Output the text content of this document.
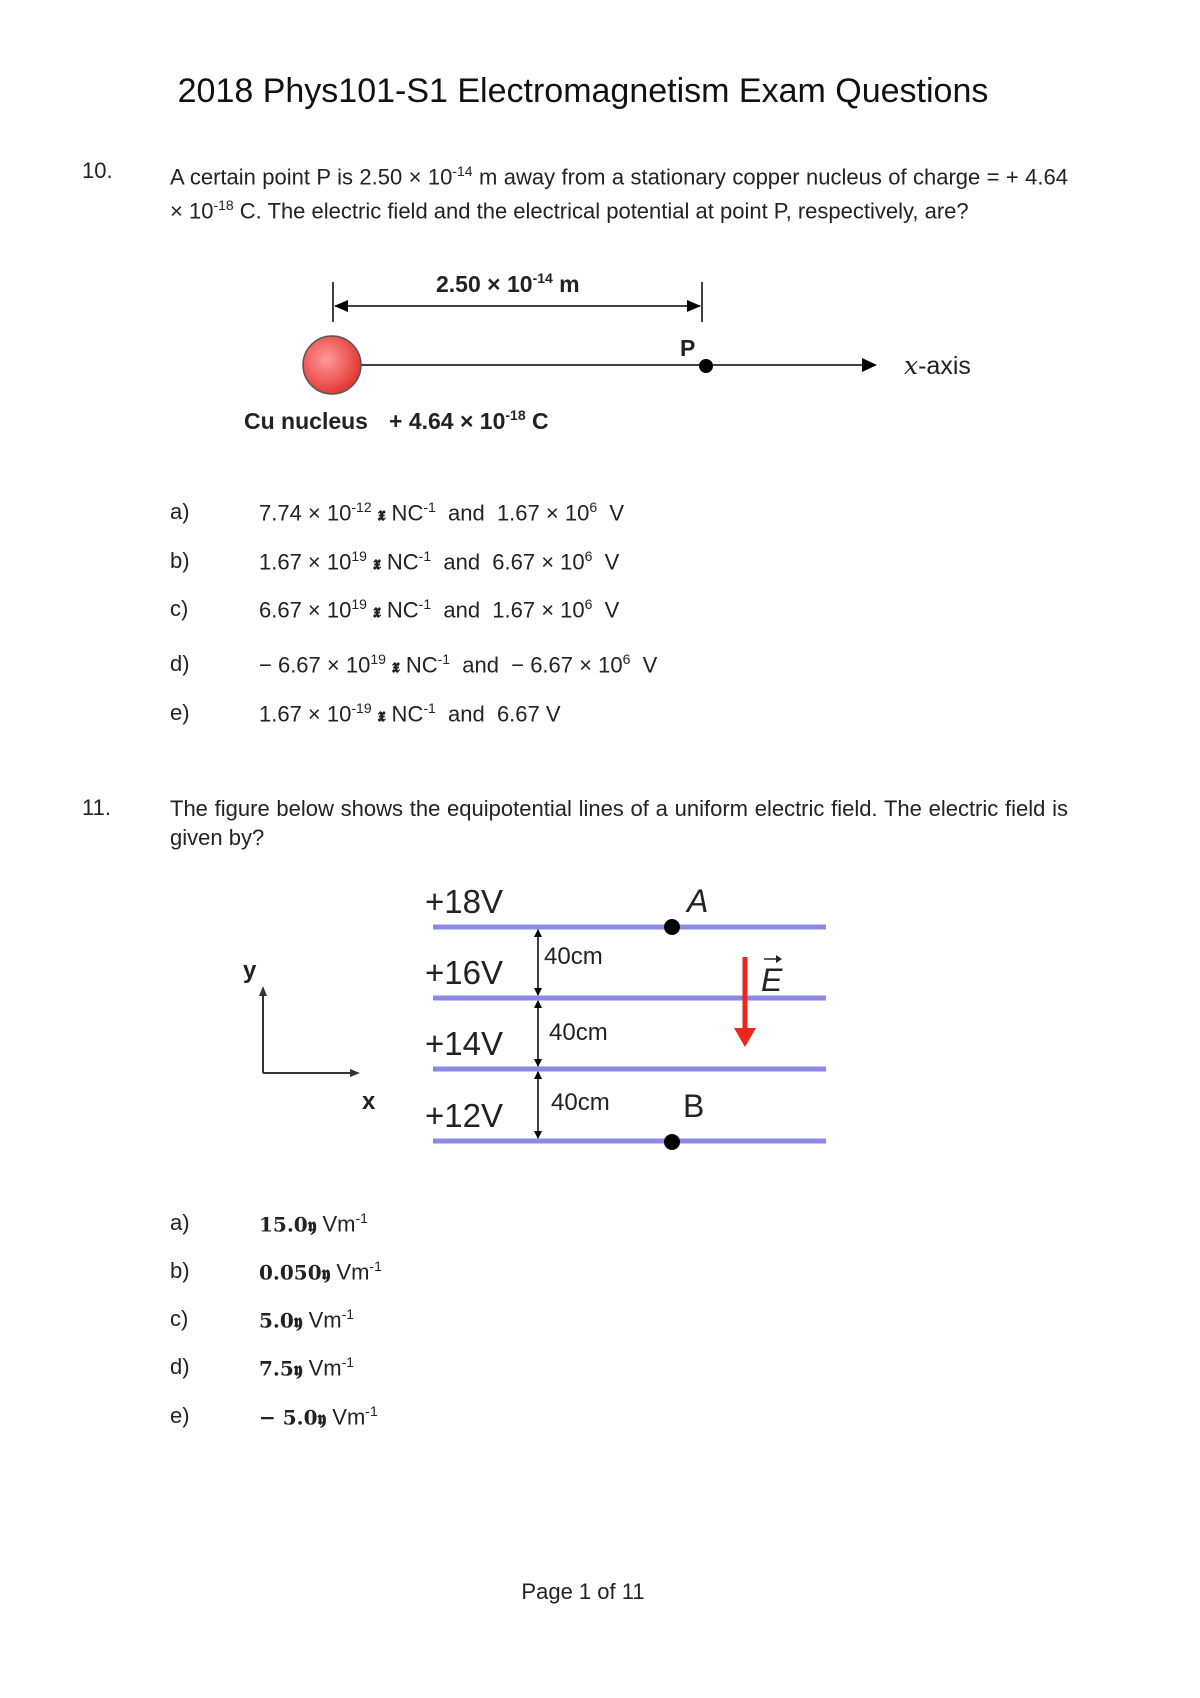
2018 Phys101-S1 Electromagnetism Exam Questions
10.	A certain point P is $2.50 \times 10^{-14}$ m away from a stationary copper nucleus of charge = + $4.64 \times 10^{-18}$ C. The electric field and the electrical potential at point P, respectively, are?
$2.50 \times 10^{-14}$ m
P
x-axis
Cu nucleus + $4.64 \times 10^{-18}$ C
a)	$7.74 \times 10^{-12}$ 𝖝 $NC^{-1}$  and  $1.67 \times 10^6$  V
b)	$1.67 \times 10^{19}$ 𝖝 $NC^{-1}$  and  $6.67 \times 10^6$  V
c)	$6.67 \times 10^{19}$ 𝖝 $NC^{-1}$  and  $1.67 \times 10^6$  V
d)	− $6.67 \times 10^{19}$ 𝖝 $NC^{-1}$  and  − $6.67 \times 10^6$  V
e)	$1.67 \times 10^{-19}$ 𝖝 $NC^{-1}$  and  6.67 V
11.	The figure below shows the equipotential lines of a uniform electric field. The electric field is given by?
+18V
+16V
+14V
+12V
40cm
40cm
40cm
A
B
E
y
x
a)	15.0𝖞 $Vm^{-1}$
b)	0.050𝖞 $Vm^{-1}$
c)	5.0𝖞 $Vm^{-1}$
d)	7.5𝖞 $Vm^{-1}$
e)	− 5.0𝖞 $Vm^{-1}$
Page 1 of 11
